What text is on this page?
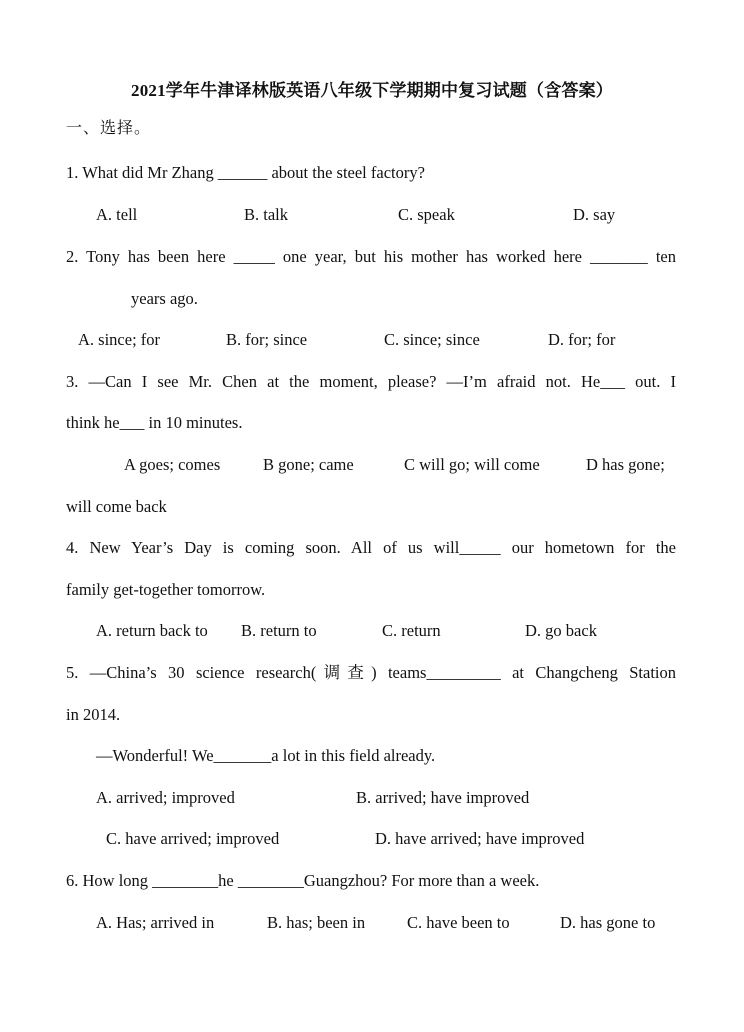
2021学年牛津译林版英语八年级下学期期中复习试题（含答案）
一、选择。
1. What did Mr Zhang ______ about the steel factory?
A. tell	B. talk	C. speak	D. say
2. Tony has been here _____ one year, but his mother has worked here _______ ten
years ago.
A. since; for	B. for; since	C. since; since	D. for; for
3. —Can I see Mr. Chen at the moment, please? —I’m afraid not. He___ out. I
think he___ in 10 minutes.
A goes; comes	B gone; came	C will go; will come	D has gone;
will come back
4. New Year’s Day is coming soon. All of us will_____ our hometown for the
family get-together tomorrow.
A. return back to B. return to	C. return	D. go back
5. —China’s 30 science research(调查) teams_________ at Changcheng Station
in 2014.
—Wonderful! We_______a lot in this field already.
A. arrived; improved	B. arrived; have improved
C. have arrived; improved	D. have arrived; have improved
6. How long ________he ________Guangzhou? For more than a week.
A. Has; arrived in	B. has; been in	C. have been to	D. has gone to
